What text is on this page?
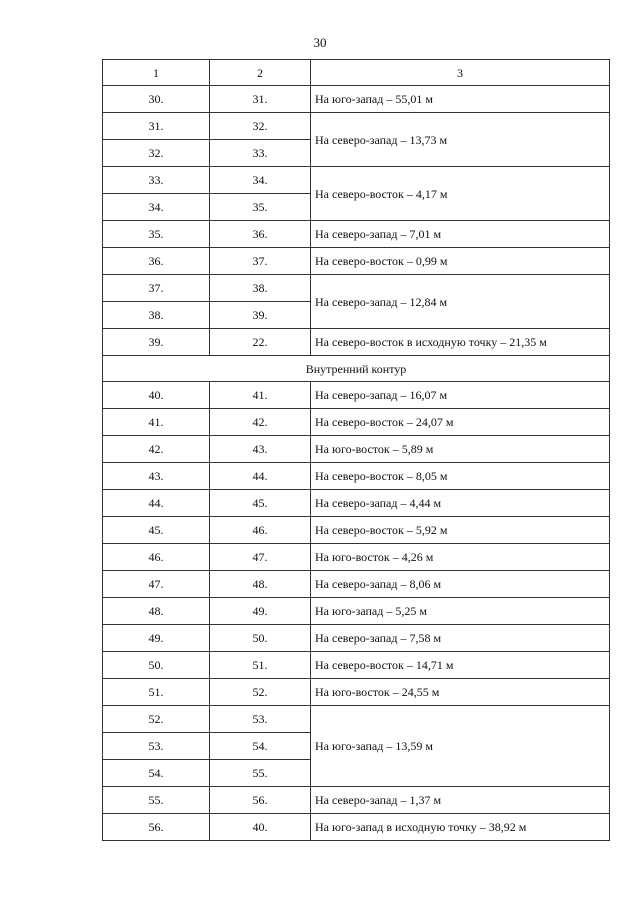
30
1	2	3
30.	31.	На юго-запад – 55,01 м
31.	32.	На северо-запад – 13,73 м
32.	33.	
33.	34.	На северо-восток – 4,17 м
34.	35.	
35.	36.	На северо-запад – 7,01 м
36.	37.	На северо-восток – 0,99 м
37.	38.	На северо-запад – 12,84 м
38.	39.	
39.	22.	На северо-восток в исходную точку – 21,35 м
Внутренний контур		
40.	41.	На северо-запад – 16,07 м
41.	42.	На северо-восток – 24,07 м
42.	43.	На юго-восток – 5,89 м
43.	44.	На северо-восток – 8,05 м
44.	45.	На северо-запад – 4,44 м
45.	46.	На северо-восток – 5,92 м
46.	47.	На юго-восток – 4,26 м
47.	48.	На северо-запад – 8,06 м
48.	49.	На юго-запад – 5,25 м
49.	50.	На северо-запад – 7,58 м
50.	51.	На северо-восток – 14,71 м
51.	52.	На юго-восток – 24,55 м
52.	53.	На юго-запад – 13,59 м
53.	54.	
54.	55.	
55.	56.	На северо-запад – 1,37 м
56.	40.	На юго-запад в исходную точку – 38,92 м
